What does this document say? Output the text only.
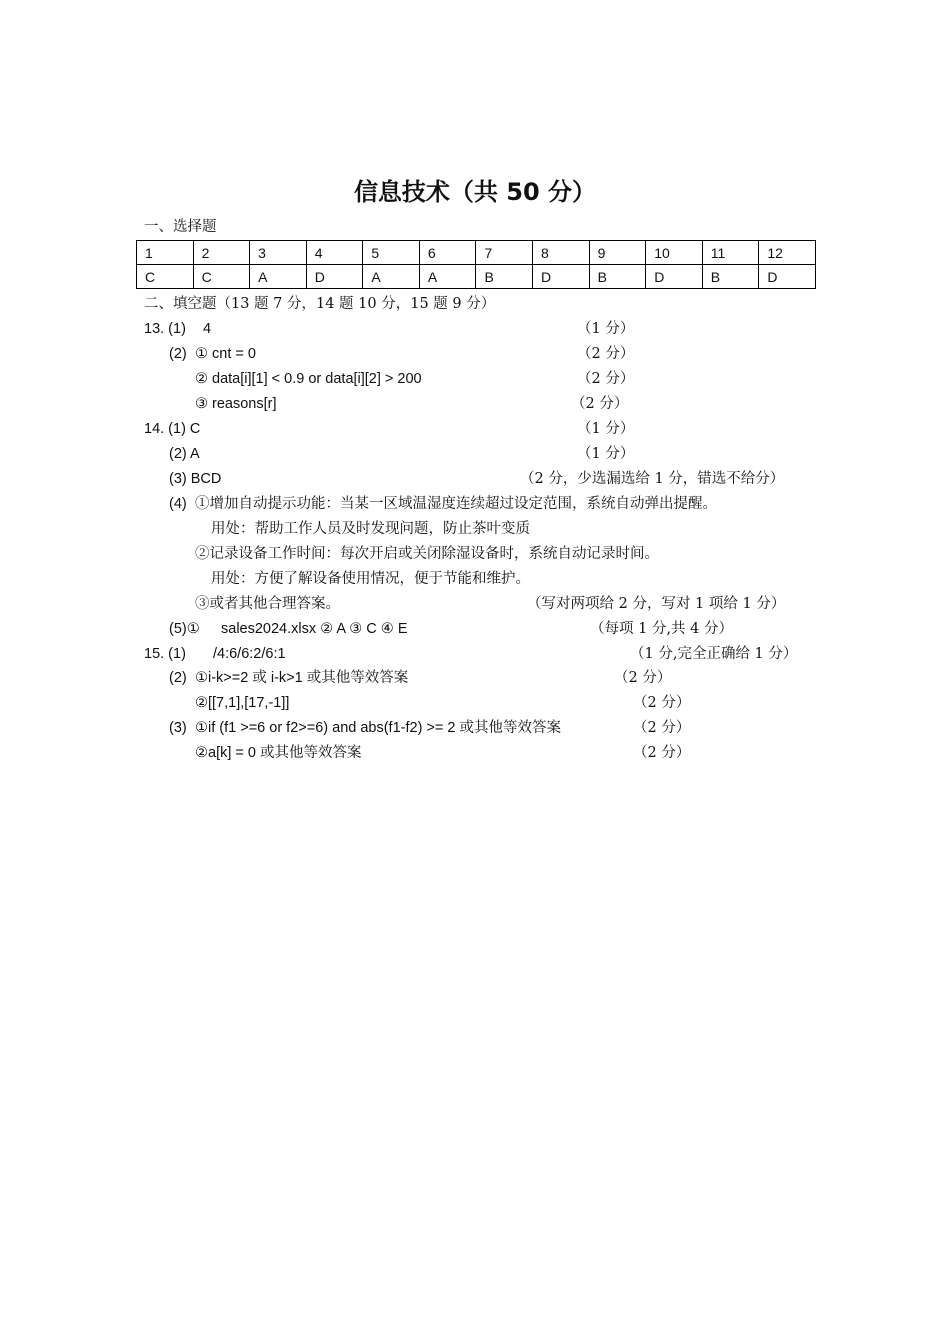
信息技术（共 50 分）
一、选择题
1	2	3	4	5	6	7	8	9	10	11	12
C	C	A	D	A	A	B	D	B	D	B	D
二、填空题（13 题 7 分，14 题 10 分，15 题 9 分）
13. (1) 4	（1 分）
(2) ① cnt = 0	（2 分）
② data[i][1] < 0.9 or data[i][2] > 200	（2 分）
③ reasons[r]	（2 分）
14. (1) C	（1 分）
(2) A	（1 分）
(3) BCD	（2 分，少选漏选给 1 分，错选不给分）
(4) ①增加自动提示功能：当某一区域温湿度连续超过设定范围，系统自动弹出提醒。
用处：帮助工作人员及时发现问题，防止茶叶变质
②记录设备工作时间：每次开启或关闭除湿设备时，系统自动记录时间。
用处：方便了解设备使用情况，便于节能和维护。
③或者其他合理答案。	（写对两项给 2 分，写对 1 项给 1 分）
(5)① sales2024.xlsx ② A ③ C ④ E	（每项 1 分,共 4 分）
15. (1) /4:6/6:2/6:1	（1 分,完全正确给 1 分）
(2) ①i-k>=2 或 i-k>1 或其他等效答案	（2 分）
②[[7,1],[17,-1]]	（2 分）
(3) ①if (f1 >=6 or f2>=6) and abs(f1-f2) >= 2 或其他等效答案	（2 分）
②a[k] = 0 或其他等效答案	（2 分）
